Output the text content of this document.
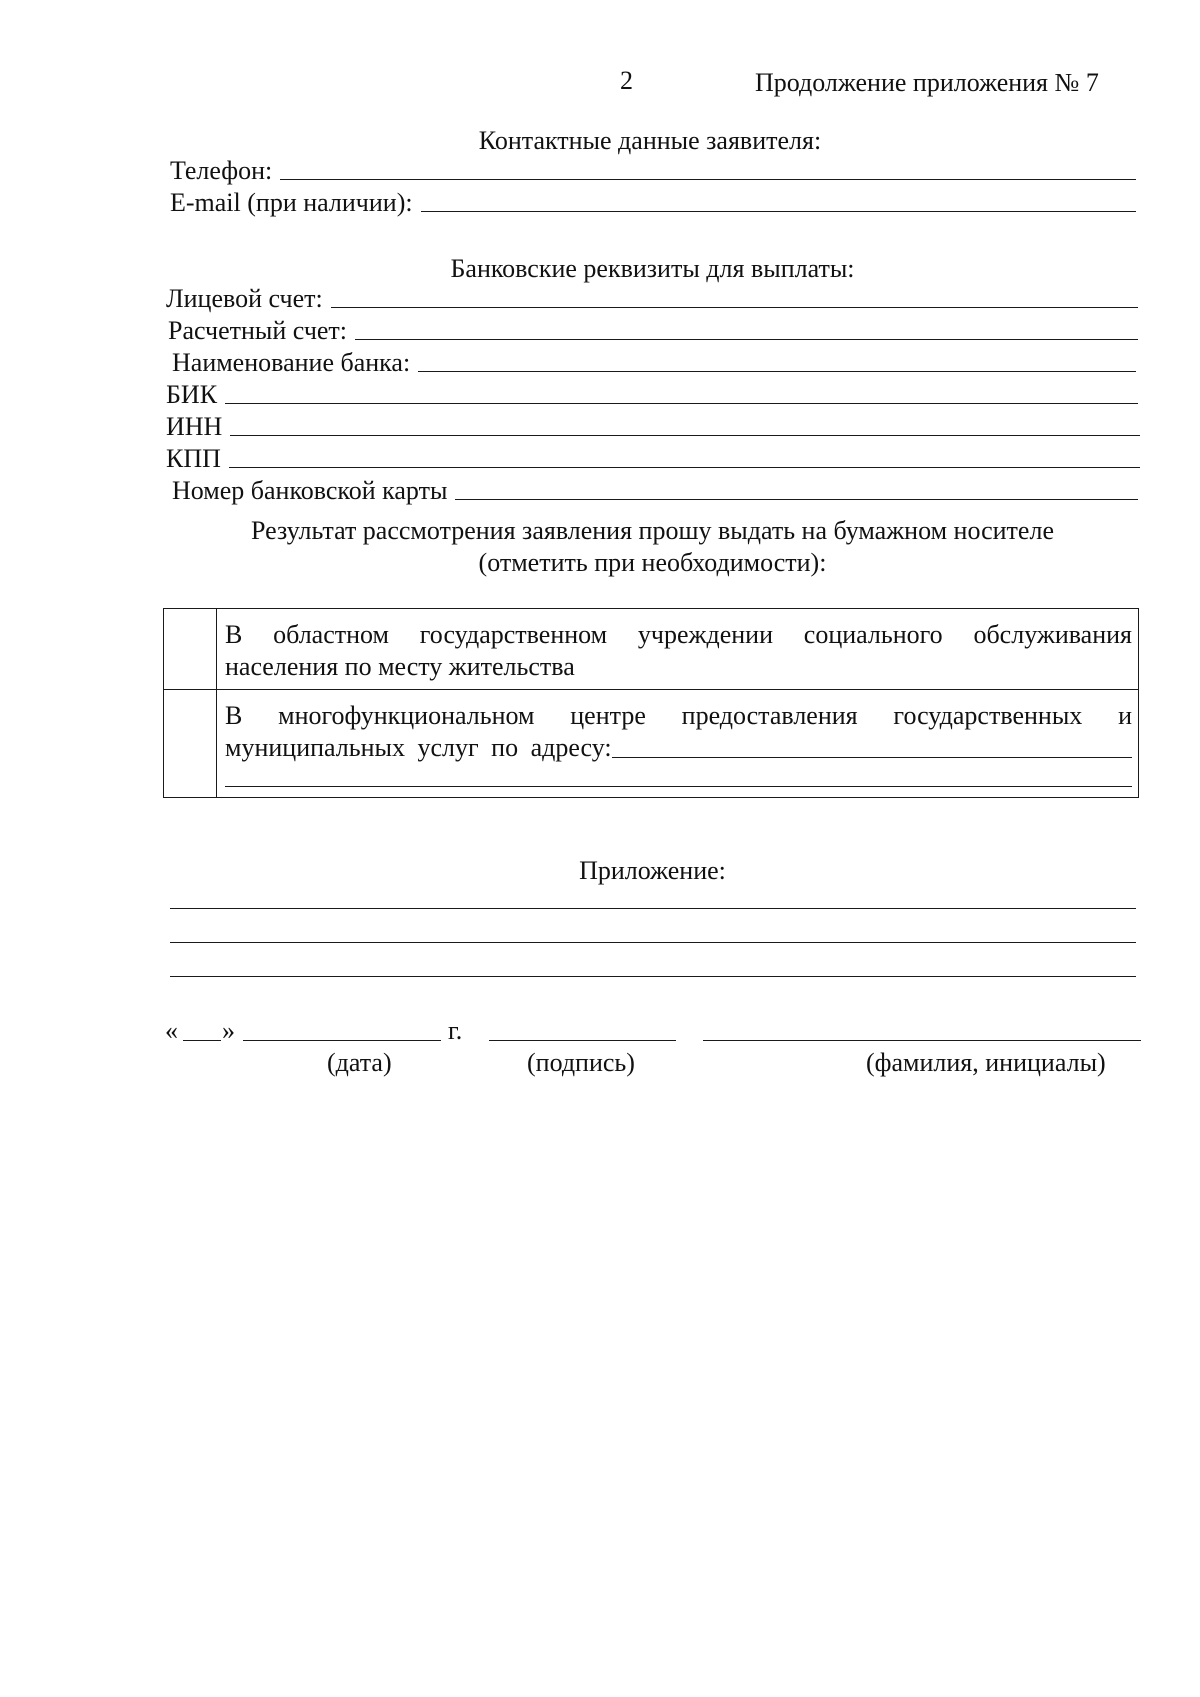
2	Продолжение приложения № 7
Контактные данные заявителя:
Телефон:
E-mail (при наличии):
Банковские реквизиты для выплаты:
Лицевой счет:
Расчетный счет:
Наименование банка:
БИК
ИНН
КПП
Номер банковской карты
Результат рассмотрения заявления прошу выдать на бумажном носителе
(отметить при необходимости):

	В областном государственном учреждении социального обслуживания
населения по месту жительства

	В многофункциональном центре предоставления государственных и
муниципальных услуг по адресу:
Приложение:
« »	г.
(дата)	(подпись)	(фамилия, инициалы)
